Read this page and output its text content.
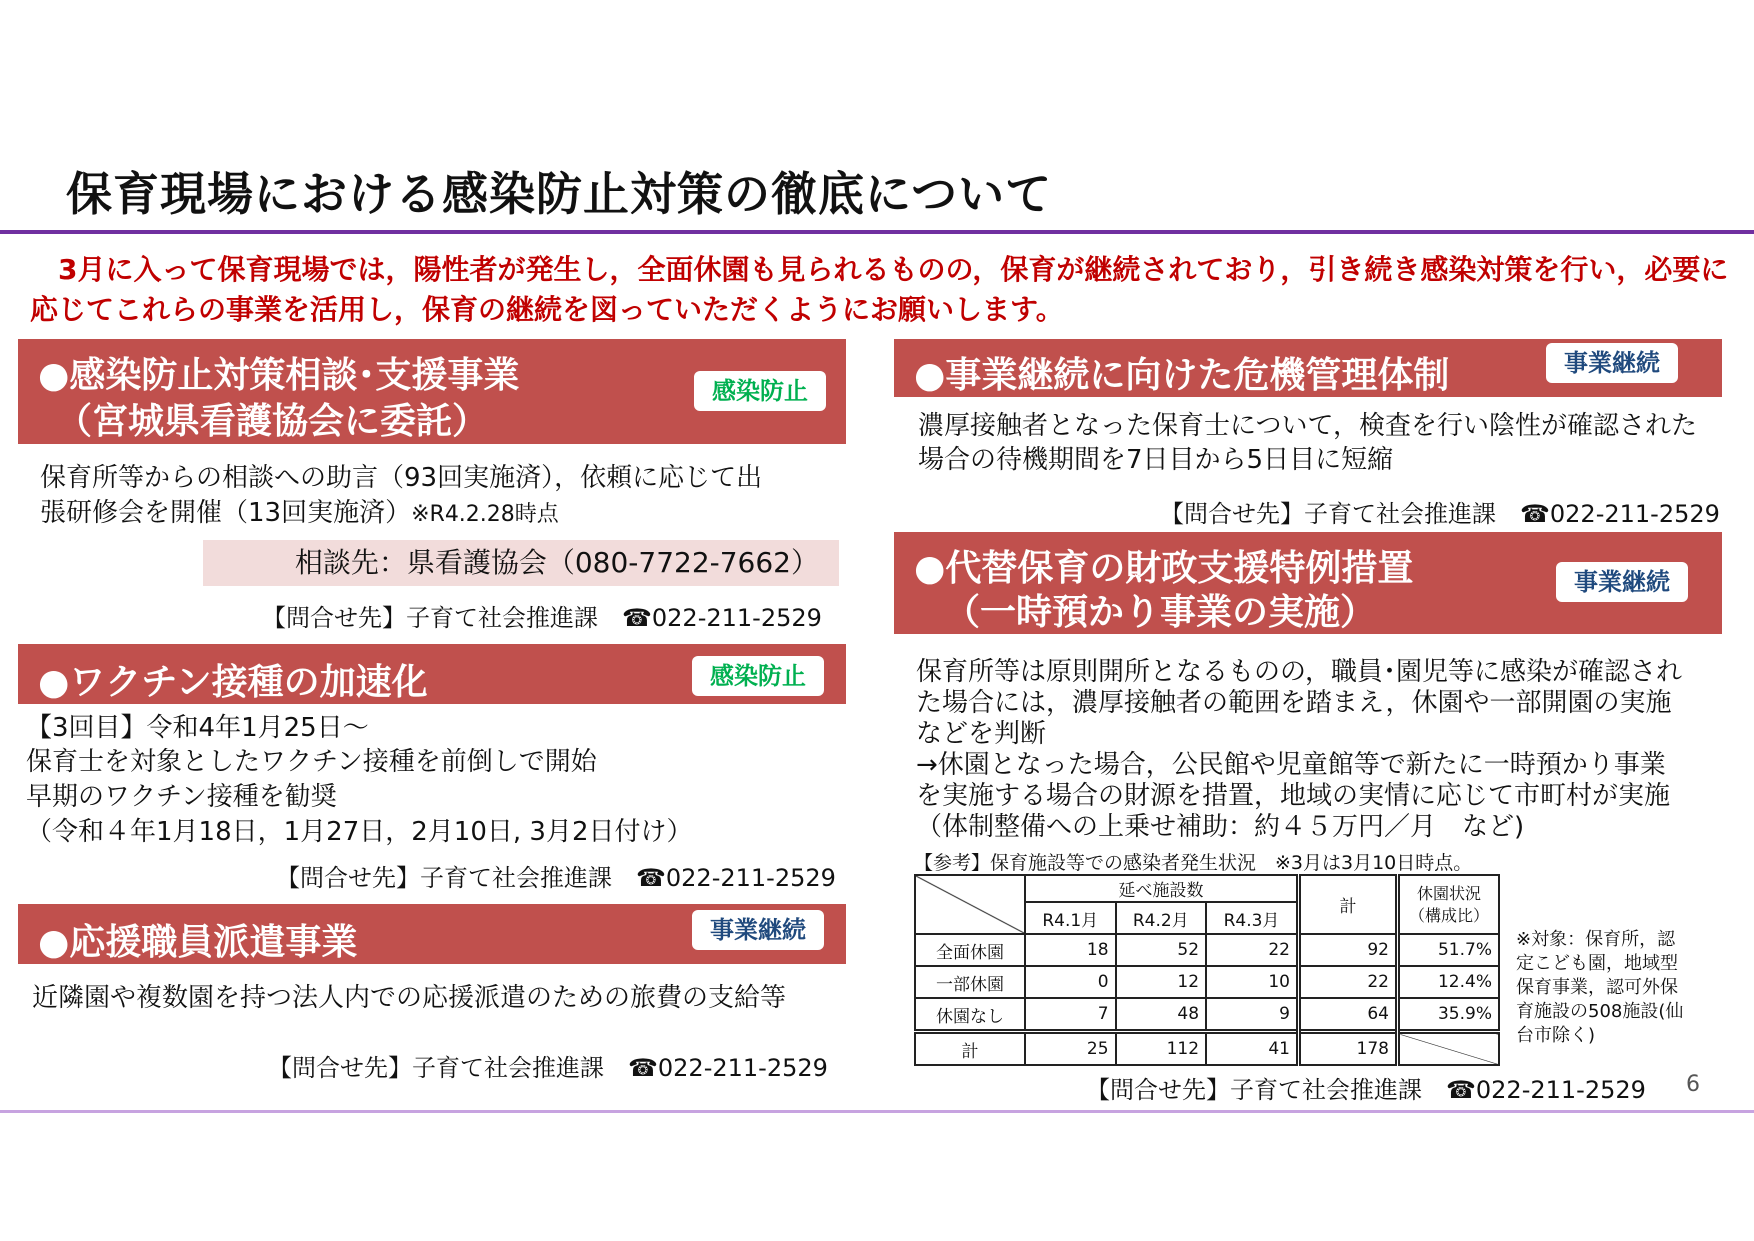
保育現場における感染防止対策の徹底について
　3月に入って保育現場では，陽性者が発生し，全面休園も見られるものの，保育が継続されており，引き続き感染対策を行い，必要に応じてこれらの事業を活用し，保育の継続を図っていただくようにお願いします。
●感染防止対策相談･支援事業
（宮城県看護協会に委託）
感染防止
保育所等からの相談への助言（93回実施済），依頼に応じて出
張研修会を開催（13回実施済）※R4.2.28時点
相談先：県看護協会（080-7722-7662）
【問合せ先】子育て社会推進課　☎022-211-2529
●ワクチン接種の加速化	感染防止
【3回目】令和4年1月25日～
保育士を対象としたワクチン接種を前倒しで開始
早期のワクチン接種を勧奨
（令和４年1月18日，1月27日，2月10日, 3月2日付け）
【問合せ先】子育て社会推進課　☎022-211-2529
●応援職員派遣事業	事業継続
近隣園や複数園を持つ法人内での応援派遣のための旅費の支給等
【問合せ先】子育て社会推進課　☎022-211-2529
●事業継続に向けた危機管理体制	事業継続
濃厚接触者となった保育士について，検査を行い陰性が確認された
場合の待機期間を7日目から5日目に短縮
【問合せ先】子育て社会推進課　☎022-211-2529
●代替保育の財政支援特例措置
（一時預かり事業の実施）
事業継続
保育所等は原則開所となるものの，職員･園児等に感染が確認され
た場合には，濃厚接触者の範囲を踏まえ，休園や一部開園の実施
などを判断
→休園となった場合，公民館や児童館等で新たに一時預かり事業
を実施する場合の財源を措置，地域の実情に応じて市町村が実施
（体制整備への上乗せ補助：約４５万円／月　など)
【参考】保育施設等での感染者発生状況　※3月は3月10日時点。
	延べ施設数			計	休園状況
（構成比）

	R4.1月	R4.2月	R4.3月		
全面休園	18	52	22	92	51.7%
一部休園	0	12	10	22	12.4%
休園なし	7	48	9	64	35.9%
計	25	112	41	178	
※対象：保育所，認定こども園，地域型保育事業，認可外保育施設の508施設(仙台市除く)
【問合せ先】子育て社会推進課　☎022-211-2529 6
